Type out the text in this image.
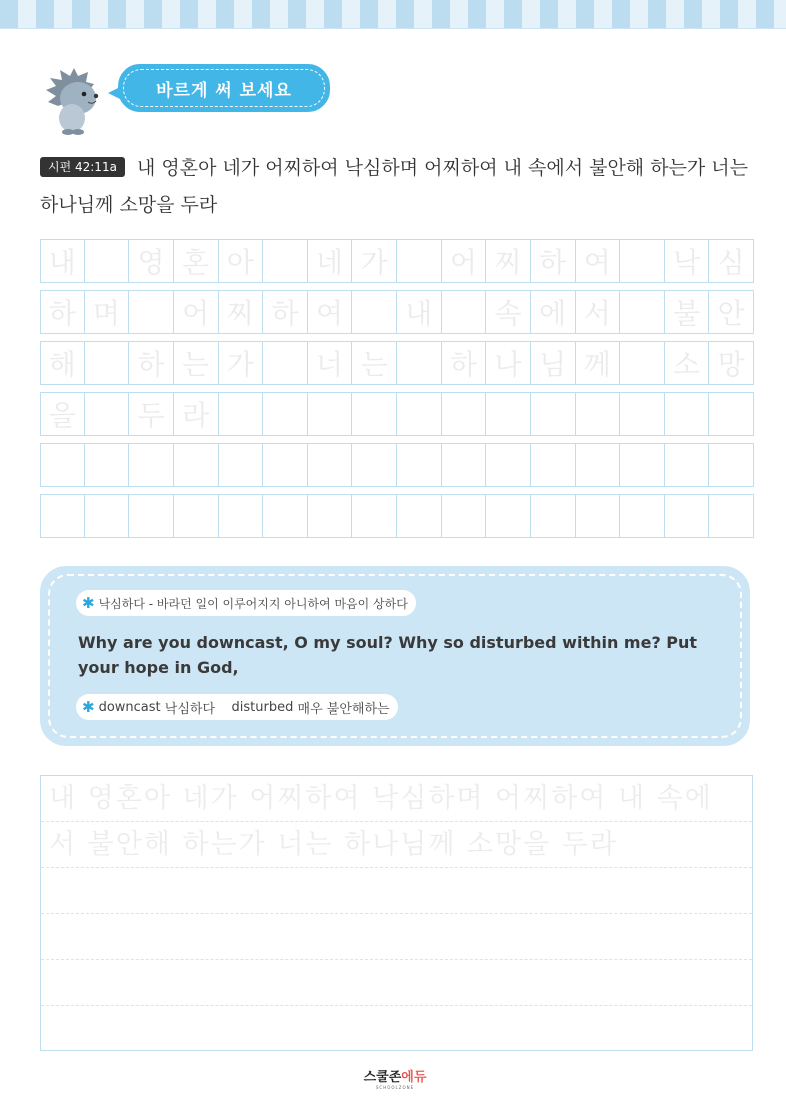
바르게 써 보세요
시편 42:11a 내 영혼아 네가 어찌하여 낙심하며 어찌하여 내 속에서 불안해 하는가 너는 하나님께 소망을 두라
내	영 혼 아	네 가	어 찌 하 여	낙 심
하 며	어 찌 하 여	내	속 에 서	불 안
해	하 는 가	너 는	하 나 님 께	소 망
을	두 라
✱ 낙심하다 - 바라던 일이 이루어지지 아니하여 마음이 상하다
Why are you downcast, O my soul? Why so disturbed within me? Put your hope in God,
✱ downcast
낙심하다
disturbed
매우 불안해하는
내 영혼아 네가 어찌하여 낙심하며 어찌하여 내 속에
서 불안해 하는가 너는 하나님께 소망을 두라
스쿨존에듀
SCHOOLZONE
